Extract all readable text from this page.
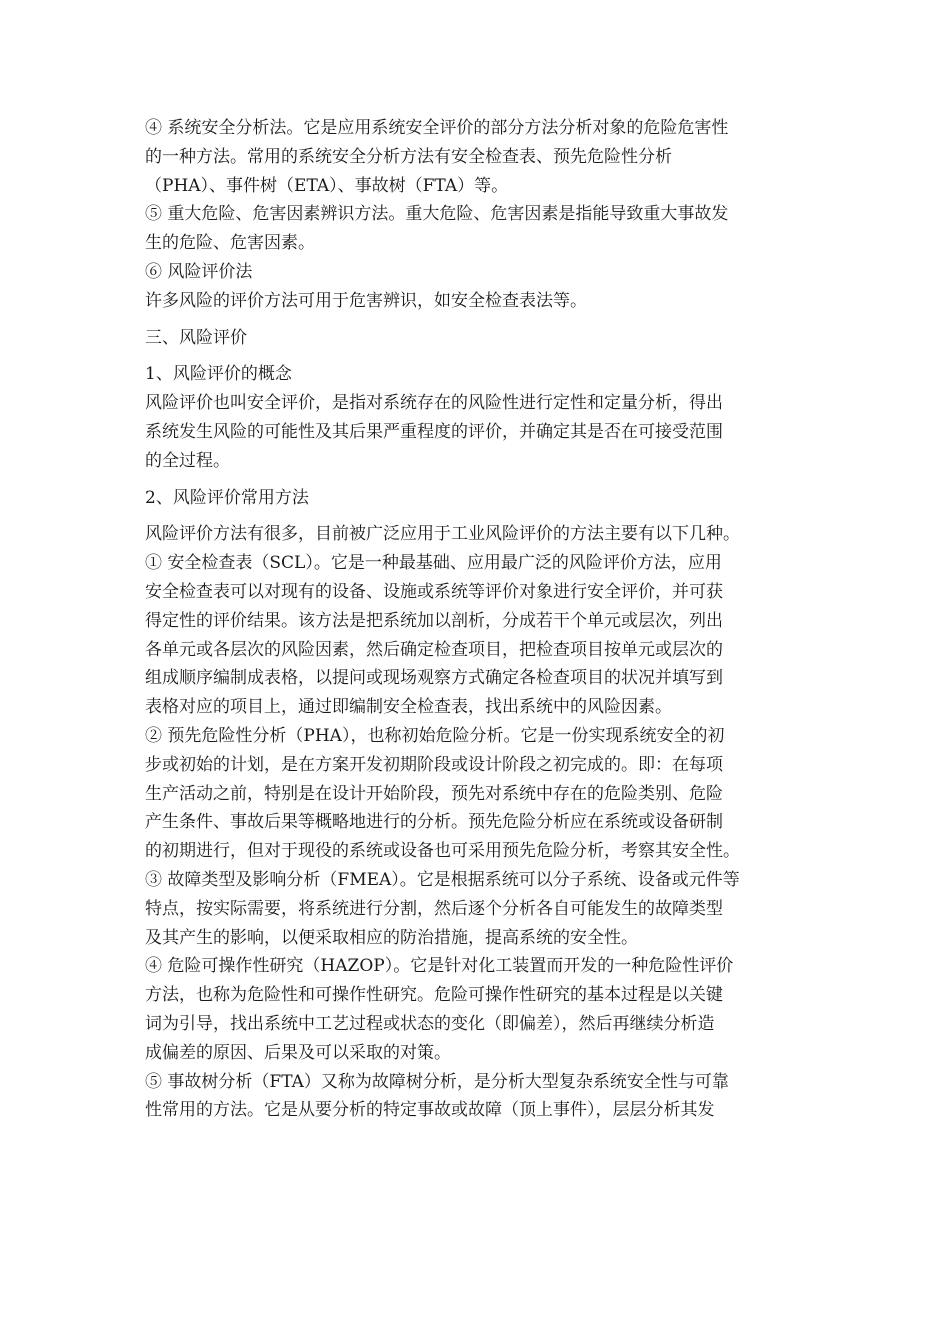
④ 系统安全分析法。它是应用系统安全评价的部分方法分析对象的危险危害性
的一种方法。常用的系统安全分析方法有安全检查表、预先危险性分析
（PHA）、事件树（ETA）、事故树（FTA）等。
⑤ 重大危险、危害因素辨识方法。重大危险、危害因素是指能导致重大事故发
生的危险、危害因素。
⑥ 风险评价法
许多风险的评价方法可用于危害辨识，如安全检查表法等。
三、风险评价
1、风险评价的概念
风险评价也叫安全评价，是指对系统存在的风险性进行定性和定量分析，得出
系统发生风险的可能性及其后果严重程度的评价，并确定其是否在可接受范围
的全过程。
2、风险评价常用方法
风险评价方法有很多，目前被广泛应用于工业风险评价的方法主要有以下几种。
① 安全检查表（SCL）。它是一种最基础、应用最广泛的风险评价方法，应用
安全检查表可以对现有的设备、设施或系统等评价对象进行安全评价，并可获
得定性的评价结果。该方法是把系统加以剖析，分成若干个单元或层次，列出
各单元或各层次的风险因素，然后确定检查项目，把检查项目按单元或层次的
组成顺序编制成表格，以提问或现场观察方式确定各检查项目的状况并填写到
表格对应的项目上，通过即编制安全检查表，找出系统中的风险因素。
② 预先危险性分析（PHA），也称初始危险分析。它是一份实现系统安全的初
步或初始的计划，是在方案开发初期阶段或设计阶段之初完成的。即：在每项
生产活动之前，特别是在设计开始阶段，预先对系统中存在的危险类别、危险
产生条件、事故后果等概略地进行的分析。预先危险分析应在系统或设备研制
的初期进行，但对于现役的系统或设备也可采用预先危险分析，考察其安全性。
③ 故障类型及影响分析（FMEA）。它是根据系统可以分子系统、设备或元件等
特点，按实际需要，将系统进行分割，然后逐个分析各自可能发生的故障类型
及其产生的影响，以便采取相应的防治措施，提高系统的安全性。
④ 危险可操作性研究（HAZOP）。它是针对化工装置而开发的一种危险性评价
方法，也称为危险性和可操作性研究。危险可操作性研究的基本过程是以关键
词为引导，找出系统中工艺过程或状态的变化（即偏差），然后再继续分析造
成偏差的原因、后果及可以采取的对策。
⑤ 事故树分析（FTA）又称为故障树分析，是分析大型复杂系统安全性与可靠
性常用的方法。它是从要分析的特定事故或故障（顶上事件），层层分析其发
